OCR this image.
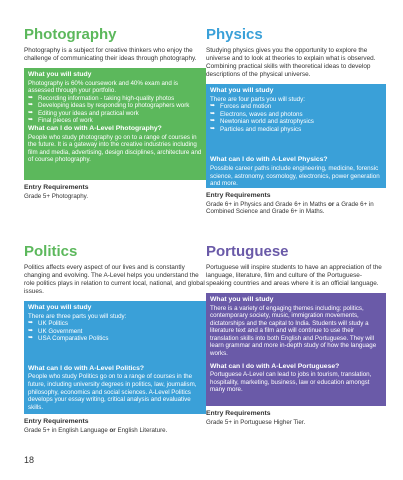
Photography
Photography is a subject for creative thinkers who enjoy the challenge of communicating their ideas through photography.
What you will study
Photography is 60% coursework and 40% exam and is assessed through your portfolio.
➥ Recording information - taking high-quality photos
➥ Developing ideas by responding to photographers work
➥ Editing your ideas and practical work
➥ Final pieces of work
What can I do with A-Level Photography?
People who study photography go on to a range of courses in the future. It is a gateway into the creative industries including film and media, advertising, design disciplines, architecture and of course photography.
Entry Requirements
Grade 5+ Photography.
Physics
Studying physics gives you the opportunity to explore the universe and to look at theories to explain what is observed. Combining practical skills with theoretical ideas to develop descriptions of the physical universe.
What you will study
There are four parts you will study:
➥ Forces and motion
➥ Electrons, waves and photons
➥ Newtonian world and astrophysics
➥ Particles and medical physics
What can I do with A-Level Physics?
Possible career paths include engineering, medicine, forensic science, astronomy, cosmology, electronics, power generation and more.
Entry Requirements
Grade 6+ in Physics and Grade 6+ in Maths or a Grade 6+ in Combined Science and Grade 6+ in Maths.
Politics
Politics affects every aspect of our lives and is constantly changing and evolving. The A-Level helps you understand the role politics plays in relation to current local, national, and global issues.
What you will study
There are three parts you will study:
➥ UK Politics
➥ UK Government
➥ USA Comparative Politics
What can I do with A-Level Politics?
People who study Politics go on to a range of courses in the future, including university degrees in politics, law, journalism, philosophy, economics and social sciences. A-Level Politics develops your essay writing, critical analysis and evaluative skills.
Entry Requirements
Grade 5+ in English Language or English Literature.
Portuguese
Portuguese will inspire students to have an appreciation of the language, literature, film and culture of the Portuguese-speaking countries and areas where it is an official language.
What you will study
There is a variety of engaging themes including: politics, contemporary society, music, immigration movements, dictatorships and the capital to India. Students will study a literature text and a film and will continue to use their translation skills into both English and Portuguese. They will learn grammar and more in-depth study of how the language works.
What can I do with A-Level Portuguese?
Portuguese A-Level can lead to jobs in tourism, translation, hospitality, marketing, business, law or education amongst many more.
Entry Requirements
Grade 5+ in Portuguese Higher Tier.
18
